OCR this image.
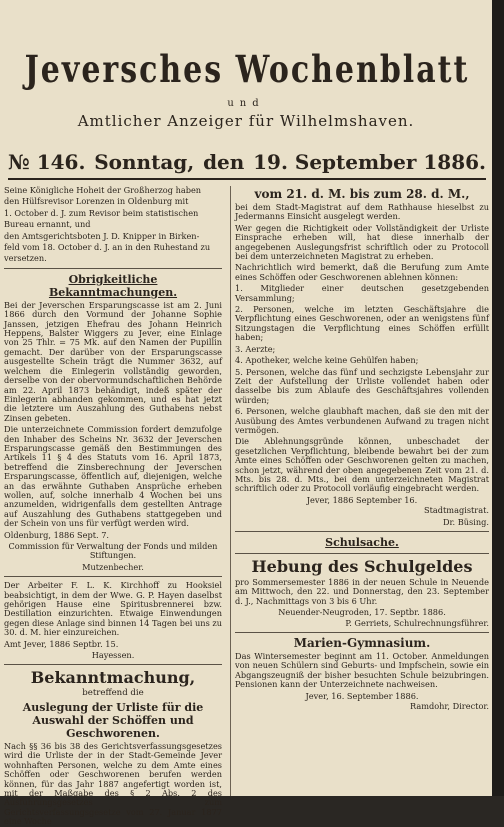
Jeversches Wochenblatt
und
Amtlicher Anzeiger für Wilhelmshaven.
№ 146. Sonntag, den 19. September 1886.

Seine Königliche Hoheit der Großherzog haben

den Hülfsrevisor Lorenzen in Oldenburg mit

1. October d. J. zum Revisor beim statistischen

Bureau ernannt, und

den Amtsgerichtsboten J. D. Knipper in Birken-

feld vom 18. October d. J. an in den Ruhestand zu

versetzen.

Obrigkeitliche Bekanntmachungen.

Bei der Jeverschen Ersparungscasse ist am 2. Juni 1866 durch den Vormund der Johanne Sophie Janssen, jetzigen Ehefrau des Johann Heinrich Heppens, Balster Wiggers zu Jever, eine Einlage von 25 Thlr. = 75 Mk. auf den Namen der Pupillin gemacht. Der darüber von der Ersparungscasse ausgestellte Schein trägt die Nummer 3632, auf welchem die Einlegerin vollständig geworden, derselbe von der obervormundschaftlichen Behörde am 22. April 1873 behändigt, indeß später der Einlegerin abhanden gekommen, und es hat jetzt die letztere um Auszahlung des Guthabens nebst Zinsen gebeten.

Die unterzeichnete Commission fordert demzufolge den Inhaber des Scheins Nr. 3632 der Jeverschen Ersparungscasse gemäß den Bestimmungen des Artikels 11 § 4 des Statuts vom 16. April 1873, betreffend die Zinsberechnung der Jeverschen Ersparungscasse, öffentlich auf, diejenigen, welche an das erwähnte Guthaben Ansprüche erheben wollen, auf, solche innerhalb 4 Wochen bei uns anzumelden, widrigenfalls dem gestellten Antrage auf Auszahlung des Guthabens stattgegeben und der Schein von uns für verfügt werden wird.

Oldenburg, 1886 Sept. 7.

Commission für Verwaltung der Fonds und milden Stiftungen.

Mutzenbecher.

Der Arbeiter F. L. K. Kirchhoff zu Hooksiel beabsichtigt, in dem der Wwe. G. P. Hayen daselbst gehörigen Hause eine Spiritusbrennerei bzw. Destillation einzurichten. Etwaige Einwendungen gegen diese Anlage sind binnen 14 Tagen bei uns zu 30. d. M. hier einzureichen.

Amt Jever, 1886 Septbr. 15.

Hayessen.

Bekanntmachung,
betreffend die
Auslegung der Urliste für die Auswahl der Schöffen und Geschworenen.

Nach §§ 36 bis 38 des Gerichtsverfassungsgesetzes wird die Urliste der in der Stadt-Gemeinde Jever wohnhaften Personen, welche zu dem Amte eines Schöffen oder Geschworenen berufen werden können, für das Jahr 1887 angefertigt worden ist, mit der Maßgabe des § 2 Abs. 2 des Ausführungsgesetzes zum Gerichtsverfassungsgesetze vom 27. Januar 1877 eine Woche

vom 21. d. M. bis zum 28. d. M.,

bei dem Stadt-Magistrat auf dem Rathhause hieselbst zu Jedermanns Einsicht ausgelegt werden.

Wer gegen die Richtigkeit oder Vollständigkeit der Urliste Einsprache erheben will, hat diese innerhalb der angegebenen Auslegungsfrist schriftlich oder zu Protocoll bei dem unterzeichneten Magistrat zu erheben.

Nachrichtlich wird bemerkt, daß die Berufung zum Amte eines Schöffen oder Geschworenen ablehnen können:

1. Mitglieder einer deutschen gesetzgebenden Versammlung;

2. Personen, welche im letzten Geschäftsjahre die Verpflichtung eines Geschworenen, oder an wenigstens fünf Sitzungstagen die Verpflichtung eines Schöffen erfüllt haben;

3. Aerzte;

4. Apotheker, welche keine Gehülfen haben;

5. Personen, welche das fünf und sechzigste Lebensjahr zur Zeit der Aufstellung der Urliste vollendet haben oder dasselbe bis zum Ablaufe des Geschäftsjahres vollenden würden;

6. Personen, welche glaubhaft machen, daß sie den mit der Ausübung des Amtes verbundenen Aufwand zu tragen nicht vermögen.

Die Ablehnungsgründe können, unbeschadet der gesetzlichen Verpflichtung, bleibende bewahrt bei der zum Amte eines Schöffen oder Geschworenen gelten zu machen, schon jetzt, während der oben angegebenen Zeit vom 21. d. Mts. bis 28. d. Mts., bei dem unterzeichneten Magistrat schriftlich oder zu Protocoll vorläufig eingebracht werden.

Jever, 1886 September 16.

Stadtmagistrat.

Dr. Büsing.

Schulsache.
Hebung des Schulgeldes

pro Sommersemester 1886 in der neuen Schule in Neuende am Mittwoch, den 22. und Donnerstag, den 23. September d. J., Nachmittags von 3 bis 6 Uhr.

Neuender-Neugroden, 17. Septbr. 1886.

P. Gerriets, Schulrechnungsführer.

Marien-Gymnasium.

Das Wintersemester beginnt am 11. October. Anmeldungen von neuen Schülern sind Geburts- und Impfschein, sowie ein Abgangszeugniß der bisher besuchten Schule beizubringen. Pensionen kann der Unterzeichnete nachweisen.

Jever, 16. September 1886.

Ramdohr, Director.
